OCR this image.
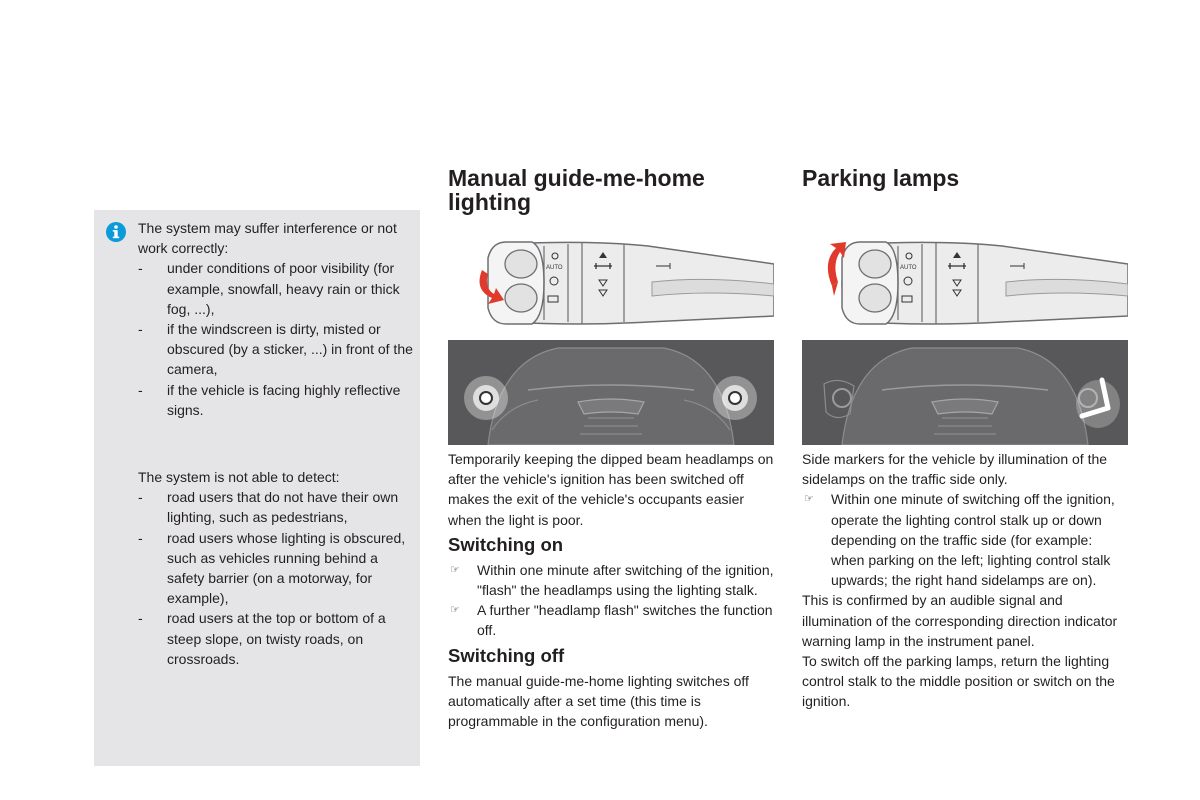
The system may suffer interference or not work correctly:

- under conditions of poor visibility (for example, snowfall, heavy rain or thick fog, ...),
- if the windscreen is dirty, misted or obscured (by a sticker, ...) in front of the camera,
- if the vehicle is facing highly reflective signs.

The system is not able to detect:

- road users that do not have their own lighting, such as pedestrians,
- road users whose lighting is obscured, such as vehicles running behind a safety barrier (on a motorway, for example),
- road users at the top or bottom of a steep slope, on twisty roads, on crossroads.
Manual guide-me-home lighting
AUTO

Temporarily keeping the dipped beam headlamps on after the vehicle's ignition has been switched off makes the exit of the vehicle's occupants easier when the light is poor.

Switching on
☞ Within one minute after switching of the ignition, "flash" the headlamps using the lighting stalk.
☞ A further "headlamp flash" switches the function off.
Switching off

The manual guide-me-home lighting switches off automatically after a set time (this time is programmable in the configuration menu).

Parking lamps
AUTO

Side markers for the vehicle by illumination of the sidelamps on the traffic side only.

☞ Within one minute of switching off the ignition, operate the lighting control stalk up or down depending on the traffic side (for example: when parking on the left; lighting control stalk upwards; the right hand sidelamps are on).

This is confirmed by an audible signal and illumination of the corresponding direction indicator warning lamp in the instrument panel.

To switch off the parking lamps, return the lighting control stalk to the middle position or switch on the ignition.
